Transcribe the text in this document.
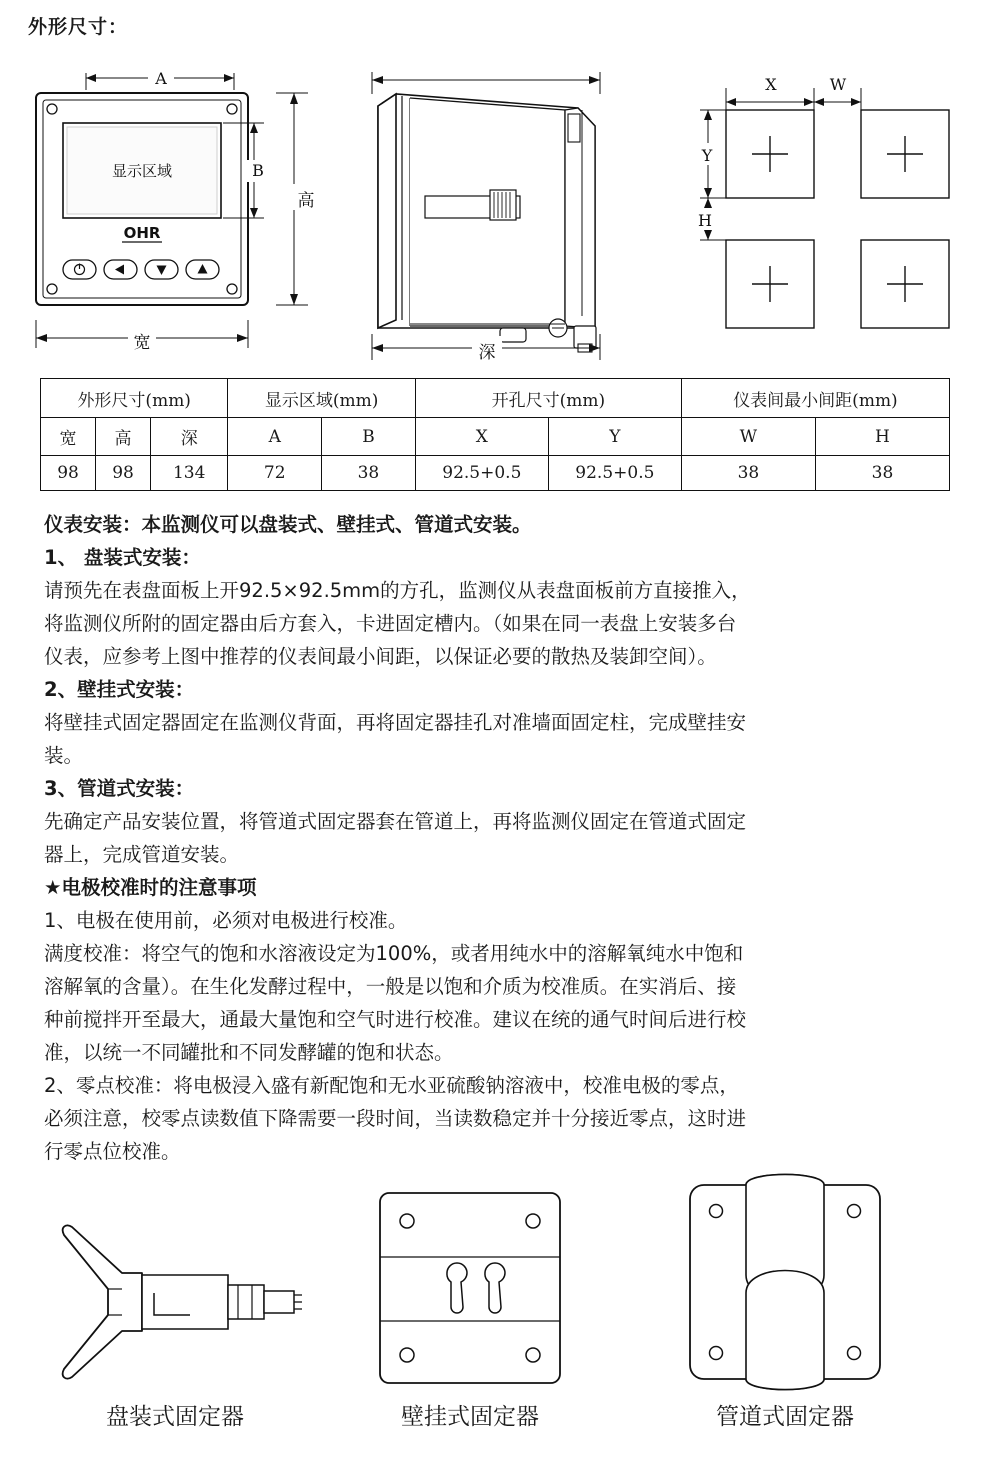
外形尺寸：
A
显示区域
OHR
B
高
宽	深
X	W
Y
H
外形尺寸(mm)			显示区域(mm)		开孔尺寸(mm)		仪表间最小间距(mm)	
宽	高	深	A	B	X	Y	W	H
98	98	134	72	38	92.5+0.5	92.5+0.5	38	38

仪表安装：本监测仪可以盘装式、壁挂式、管道式安装。

1、 盘装式安装：

请预先在表盘面板上开92.5×92.5mm的方孔，监测仪从表盘面板前方直接推入，

将监测仪所附的固定器由后方套入，卡进固定槽内。（如果在同一表盘上安装多台

仪表，应参考上图中推荐的仪表间最小间距，以保证必要的散热及装卸空间）。

2、壁挂式安装：

将壁挂式固定器固定在监测仪背面，再将固定器挂孔对准墙面固定柱，完成壁挂安

装。

3、管道式安装：

先确定产品安装位置，将管道式固定器套在管道上，再将监测仪固定在管道式固定

器上，完成管道安装。

★电极校准时的注意事项

1、电极在使用前，必须对电极进行校准。

满度校准：将空气的饱和水溶液设定为100%，或者用纯水中的溶解氧纯水中饱和

溶解氧的含量）。在生化发酵过程中，一般是以饱和介质为校准质。在实消后、接

种前搅拌开至最大，通最大量饱和空气时进行校准。建议在统的通气时间后进行校

准，以统一不同罐批和不同发酵罐的饱和状态。

2、零点校准：将电极浸入盛有新配饱和无水亚硫酸钠溶液中，校准电极的零点，

必须注意，校零点读数值下降需要一段时间，当读数稳定并十分接近零点，这时进

行零点位校准。

盘装式固定器	壁挂式固定器	管道式固定器
